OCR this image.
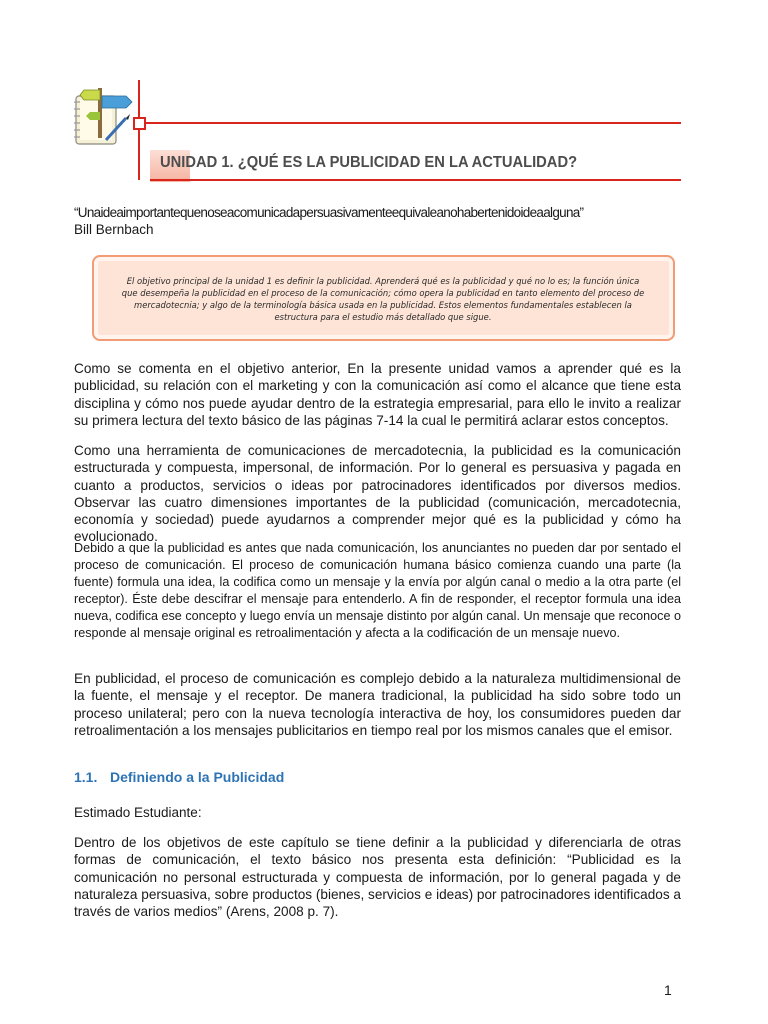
UNIDAD 1. ¿QUÉ ES LA PUBLICIDAD EN LA ACTUALIDAD?
“Unaideaimportantequenoseacomunicadapersuasivamenteequivaleanohabertenidoideaalguna”
Bill Bernbach
El objetivo principal de la unidad 1 es definir la publicidad. Aprenderá qué es la publicidad y qué no lo es; la función única que desempeña la publicidad en el proceso de la comunicación; cómo opera la publicidad en tanto elemento del proceso de mercadotecnia; y algo de la terminología básica usada en la publicidad. Estos elementos fundamentales establecen la estructura para el estudio más detallado que sigue.
Como se comenta en el objetivo anterior, En la presente unidad vamos a aprender qué es la publicidad, su relación con el marketing y con la comunicación así como el alcance que tiene esta disciplina y cómo nos puede ayudar dentro de la estrategia empresarial, para ello le invito a realizar su primera lectura del texto básico de las páginas 7-14 la cual le permitirá aclarar estos conceptos.
Como una herramienta de comunicaciones de mercadotecnia, la publicidad es la comunicación estructurada y compuesta, impersonal, de información. Por lo general es persuasiva y pagada en cuanto a productos, servicios o ideas por patrocinadores identificados por diversos medios. Observar las cuatro dimensiones importantes de la publicidad (comunicación, mercadotecnia, economía y sociedad) puede ayudarnos a comprender mejor qué es la publicidad y cómo ha evolucionado.
Debido a que la publicidad es antes que nada comunicación, los anunciantes no pueden dar por sentado el proceso de comunicación. El proceso de comunicación humana básico comienza cuando una parte (la fuente) formula una idea, la codifica como un mensaje y la envía por algún canal o medio a la otra parte (el receptor). Éste debe descifrar el mensaje para entenderlo. A fin de responder, el receptor formula una idea nueva, codifica ese concepto y luego envía un mensaje distinto por algún canal. Un mensaje que reconoce o responde al mensaje original es retroalimentación y afecta a la codificación de un mensaje nuevo.
En publicidad, el proceso de comunicación es complejo debido a la naturaleza multidimensional de la fuente, el mensaje y el receptor. De manera tradicional, la publicidad ha sido sobre todo un proceso unilateral; pero con la nueva tecnología interactiva de hoy, los consumidores pueden dar retroalimentación a los mensajes publicitarios en tiempo real por los mismos canales que el emisor.
1.1. Definiendo a la Publicidad
Estimado Estudiante:
Dentro de los objetivos de este capítulo se tiene definir a la publicidad y diferenciarla de otras formas de comunicación, el texto básico nos presenta esta definición: “Publicidad es la comunicación no personal estructurada y compuesta de información, por lo general pagada y de naturaleza persuasiva, sobre productos (bienes, servicios e ideas) por patrocinadores identificados a través de varios medios” (Arens, 2008 p. 7).
1
